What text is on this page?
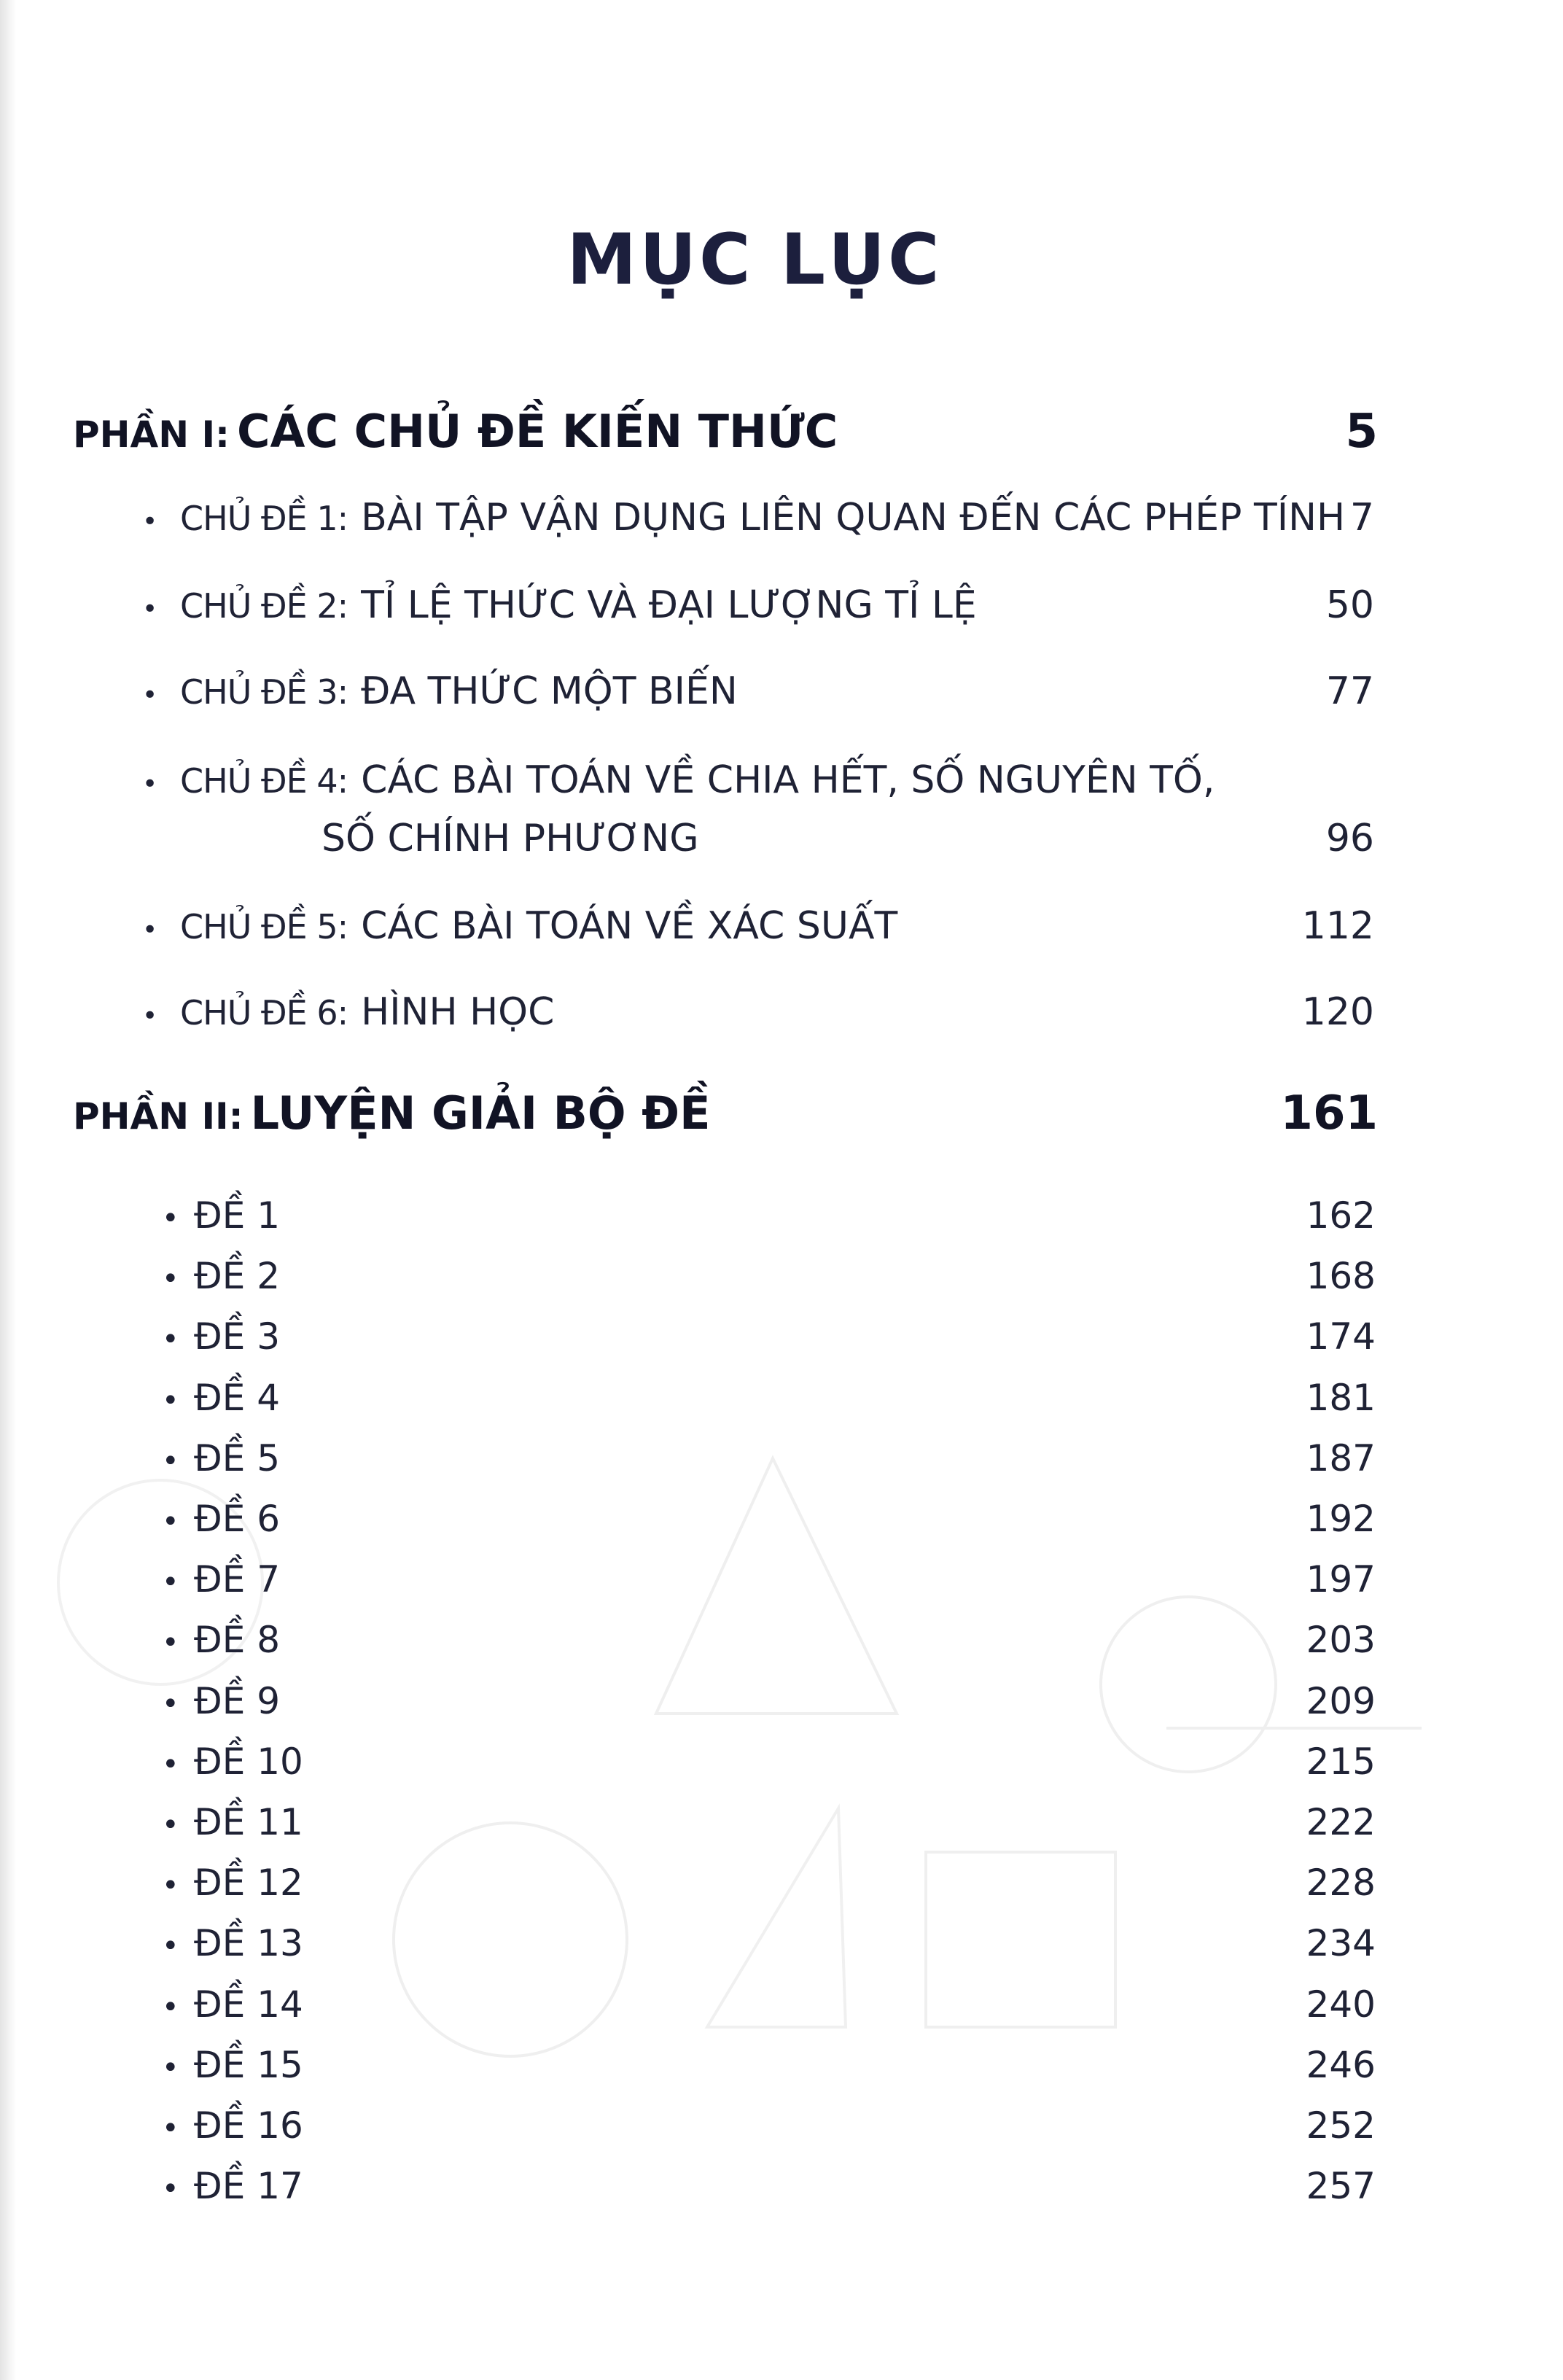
MỤC LỤC
PHẦN I: CÁC CHỦ ĐỀ KIẾN THỨC	5
• CHỦ ĐỀ 1: BÀI TẬP VẬN DỤNG LIÊN QUAN ĐẾN CÁC PHÉP TÍNH 7
• CHỦ ĐỀ 2: TỈ LỆ THỨC VÀ ĐẠI LƯỢNG TỈ LỆ	50
• CHỦ ĐỀ 3: ĐA THỨC MỘT BIẾN	77
• CHỦ ĐỀ 4: CÁC BÀI TOÁN VỀ CHIA HẾT, SỐ NGUYÊN TỐ,
SỐ CHÍNH PHƯƠNG	96
• CHỦ ĐỀ 5: CÁC BÀI TOÁN VỀ XÁC SUẤT	112
• CHỦ ĐỀ 6: HÌNH HỌC	120
PHẦN II: LUYỆN GIẢI BỘ ĐỀ	161
• ĐỀ 1	162
• ĐỀ 2	168
• ĐỀ 3	174
• ĐỀ 4	181
• ĐỀ 5	187
• ĐỀ 6	192
• ĐỀ 7	197
• ĐỀ 8	203
• ĐỀ 9	209
• ĐỀ 10	215
• ĐỀ 11	222
• ĐỀ 12	228
• ĐỀ 13	234
• ĐỀ 14	240
• ĐỀ 15	246
• ĐỀ 16	252
• ĐỀ 17	257
